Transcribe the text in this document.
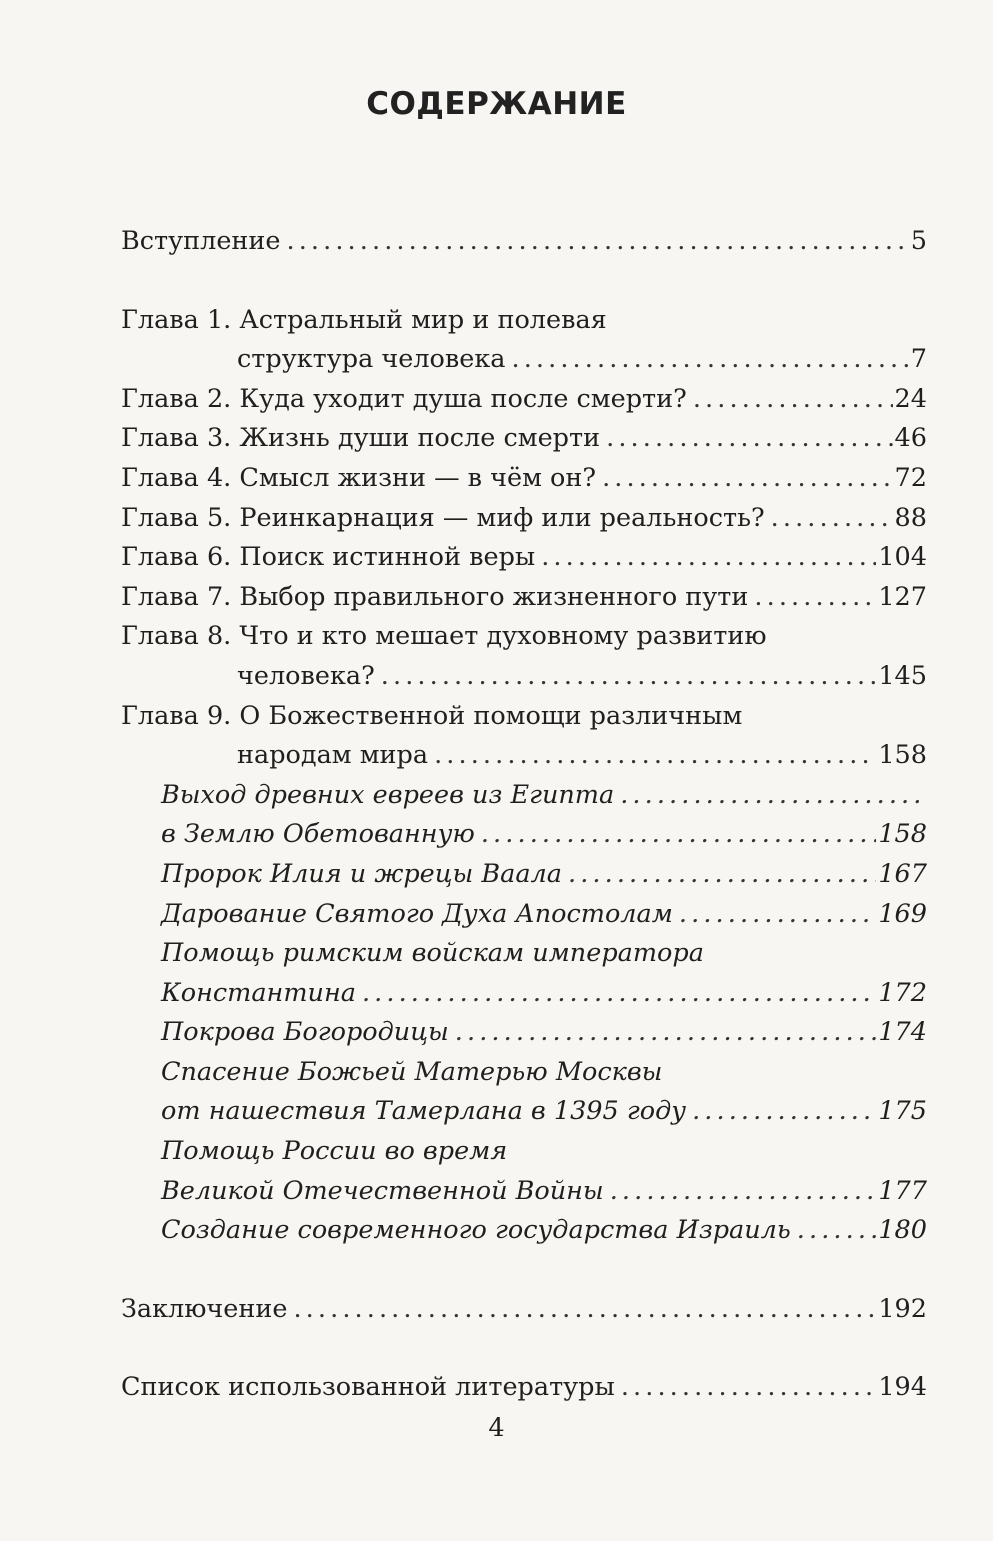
СОДЕРЖАНИЕ
Вступление . . .	5
Глава 1. Астральный мир и полевая
структура человека . . .	7
Глава 2. Куда уходит душа после смерти? . . .	24
Глава 3. Жизнь души после смерти . . .	46
Глава 4. Смысл жизни — в чём он? . . .	72
Глава 5. Реинкарнация — миф или реальность? . . .	88
Глава 6. Поиск истинной веры . . .	104
Глава 7. Выбор правильного жизненного пути . . .	127
Глава 8. Что и кто мешает духовному развитию
человека? . . .	145
Глава 9. О Божественной помощи различным
народам мира . . .	158
Выход древних евреев из Египта
. . .
в Землю Обетованную . . .	158
Пророк Илия и жрецы Ваала . . .	167
Дарование Святого Духа Апостолам . . .	169
Помощь римским войскам императора
Константина . . .	172
Покрова Богородицы . . .	174
Спасение Божьей Матерью Москвы
от нашествия Тамерлана в 1395 году . . .	175
Помощь России во время
Великой Отечественной Войны . . .	177
Создание современного государства Израиль . . .	180
Заключение . . .	192
Список использованной литературы . . .	194
4
